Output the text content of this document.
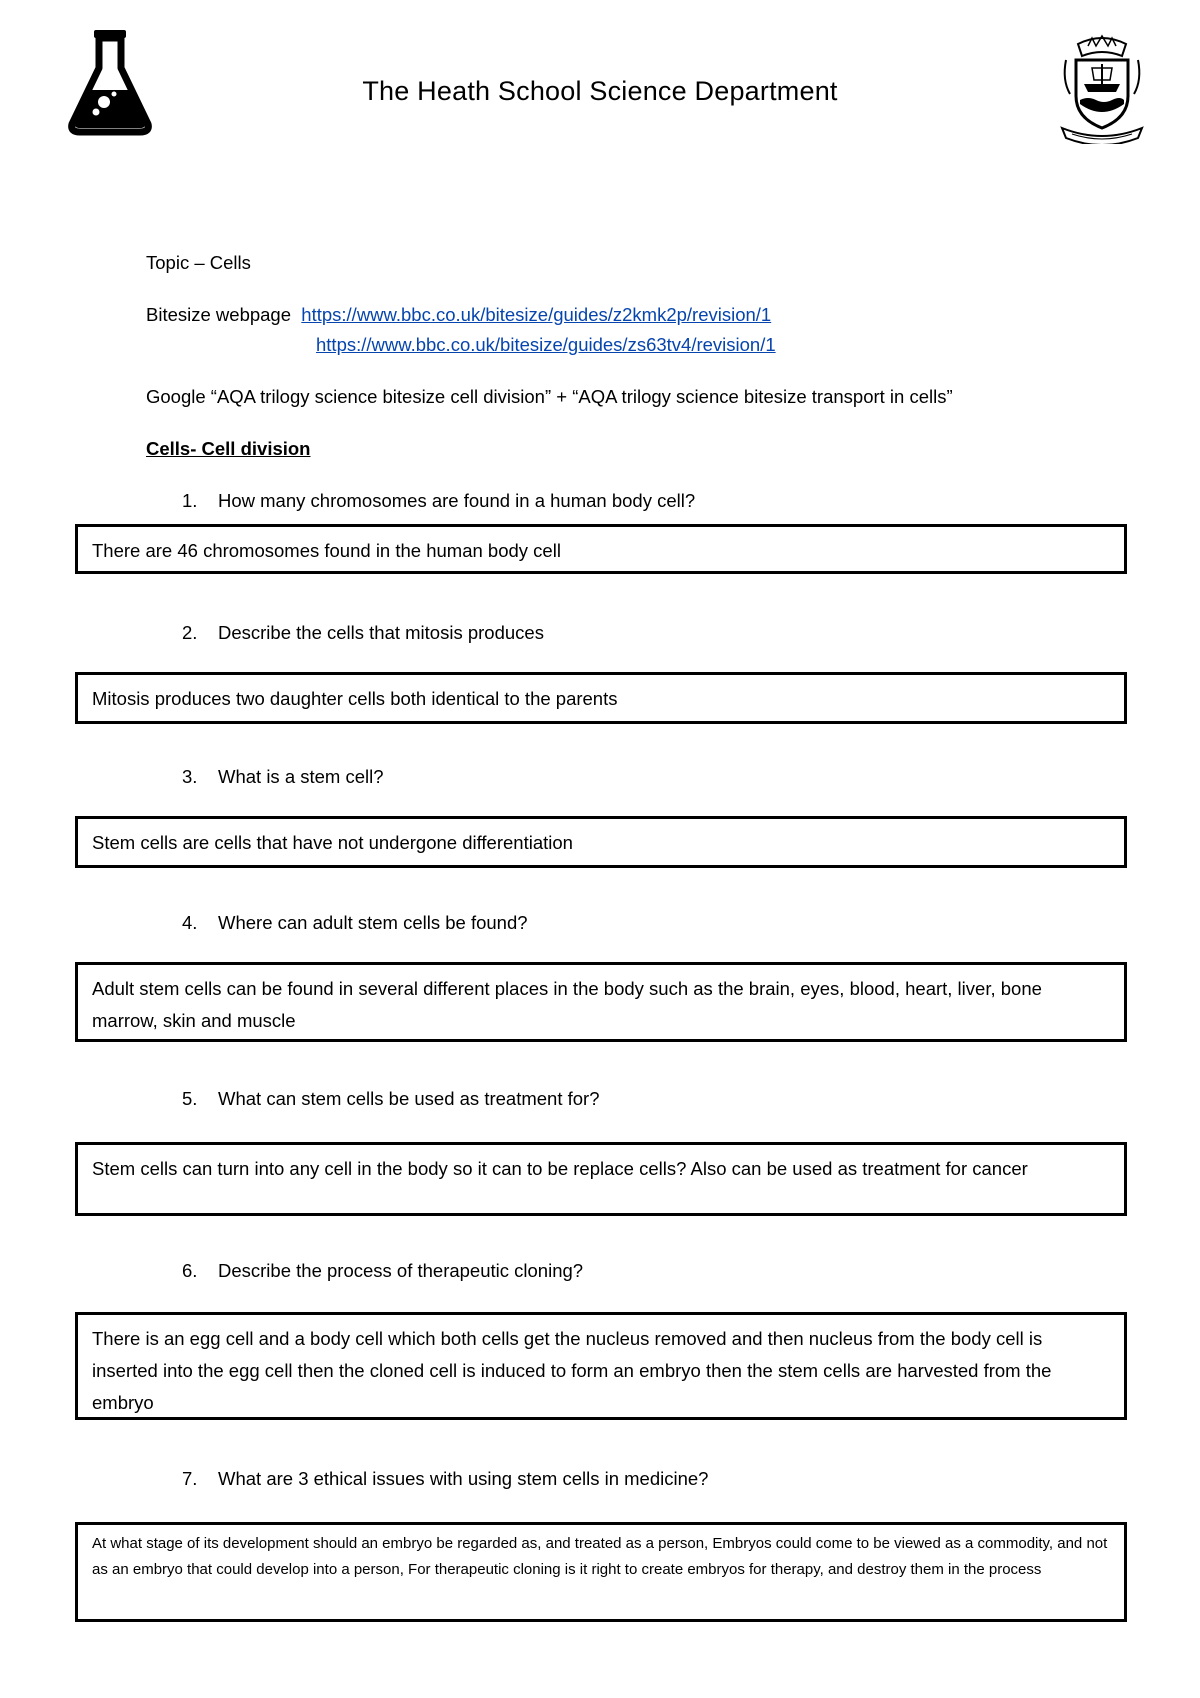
The Heath School Science Department
Topic – Cells
Bitesize webpage https://www.bbc.co.uk/bitesize/guides/z2kmk2p/revision/1
https://www.bbc.co.uk/bitesize/guides/zs63tv4/revision/1
Google “AQA trilogy science bitesize cell division” + “AQA trilogy science bitesize transport in cells”
Cells- Cell division
1. How many chromosomes are found in a human body cell?
There are 46 chromosomes found in the human body cell
2. Describe the cells that mitosis produces
Mitosis produces two daughter cells both identical to the parents
3. What is a stem cell?
Stem cells are cells that have not undergone differentiation
4. Where can adult stem cells be found?
Adult stem cells can be found in several different places in the body such as the brain, eyes, blood, heart, liver, bone marrow, skin and muscle
5. What can stem cells be used as treatment for?
Stem cells can turn into any cell in the body so it can to be replace cells? Also can be used as treatment for cancer
6. Describe the process of therapeutic cloning?
There is an egg cell and a body cell which both cells get the nucleus removed and then nucleus from the body cell is inserted into the egg cell then the cloned cell is induced to form an embryo then the stem cells are harvested from the embryo
7. What are 3 ethical issues with using stem cells in medicine?
At what stage of its development should an embryo be regarded as, and treated as a person, Embryos could come to be viewed as a commodity, and not as an embryo that could develop into a person, For therapeutic cloning is it right to create embryos for therapy, and destroy them in the process
